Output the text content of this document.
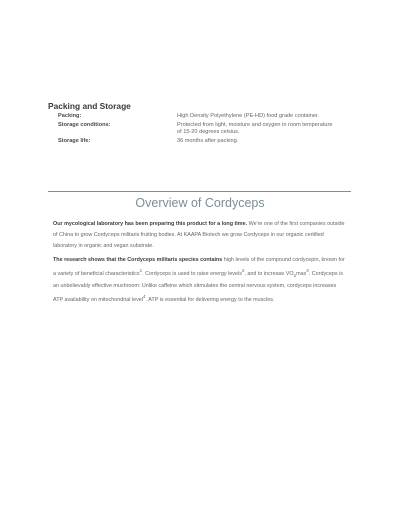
Packing and Storage
Packing:	High Density Polyethylene (PE-HD) food grade container.
Storage conditions:	Protected from light, moisture and oxygen in room temperature of 15-20 degrees celsius.
Storage life:	36 months after packing.
Overview of Cordyceps

Our mycological laboratory has been preparing this product for a long time. We're one of the first companies outside of China to grow Cordyceps militaris fruiting bodies. At KAAPA Biotech we grow Cordyceps in our organic certified laboratory in organic and vegan substrate.

The research shows that the Cordyceps militaris species contains high levels of the compound cordycepin, known for a variety of beneficial characteristics$^1$. Cordyceps is used to raise energy levels$^2$, and to increase $VO_2\max^3$. Cordyceps is an unbelievably effective mushroom: Unlike caffeine which stimulates the central nervous system, cordyceps increases ATP availability on mitochondrial level$^4$. ATP is essential for delivering energy to the muscles.
